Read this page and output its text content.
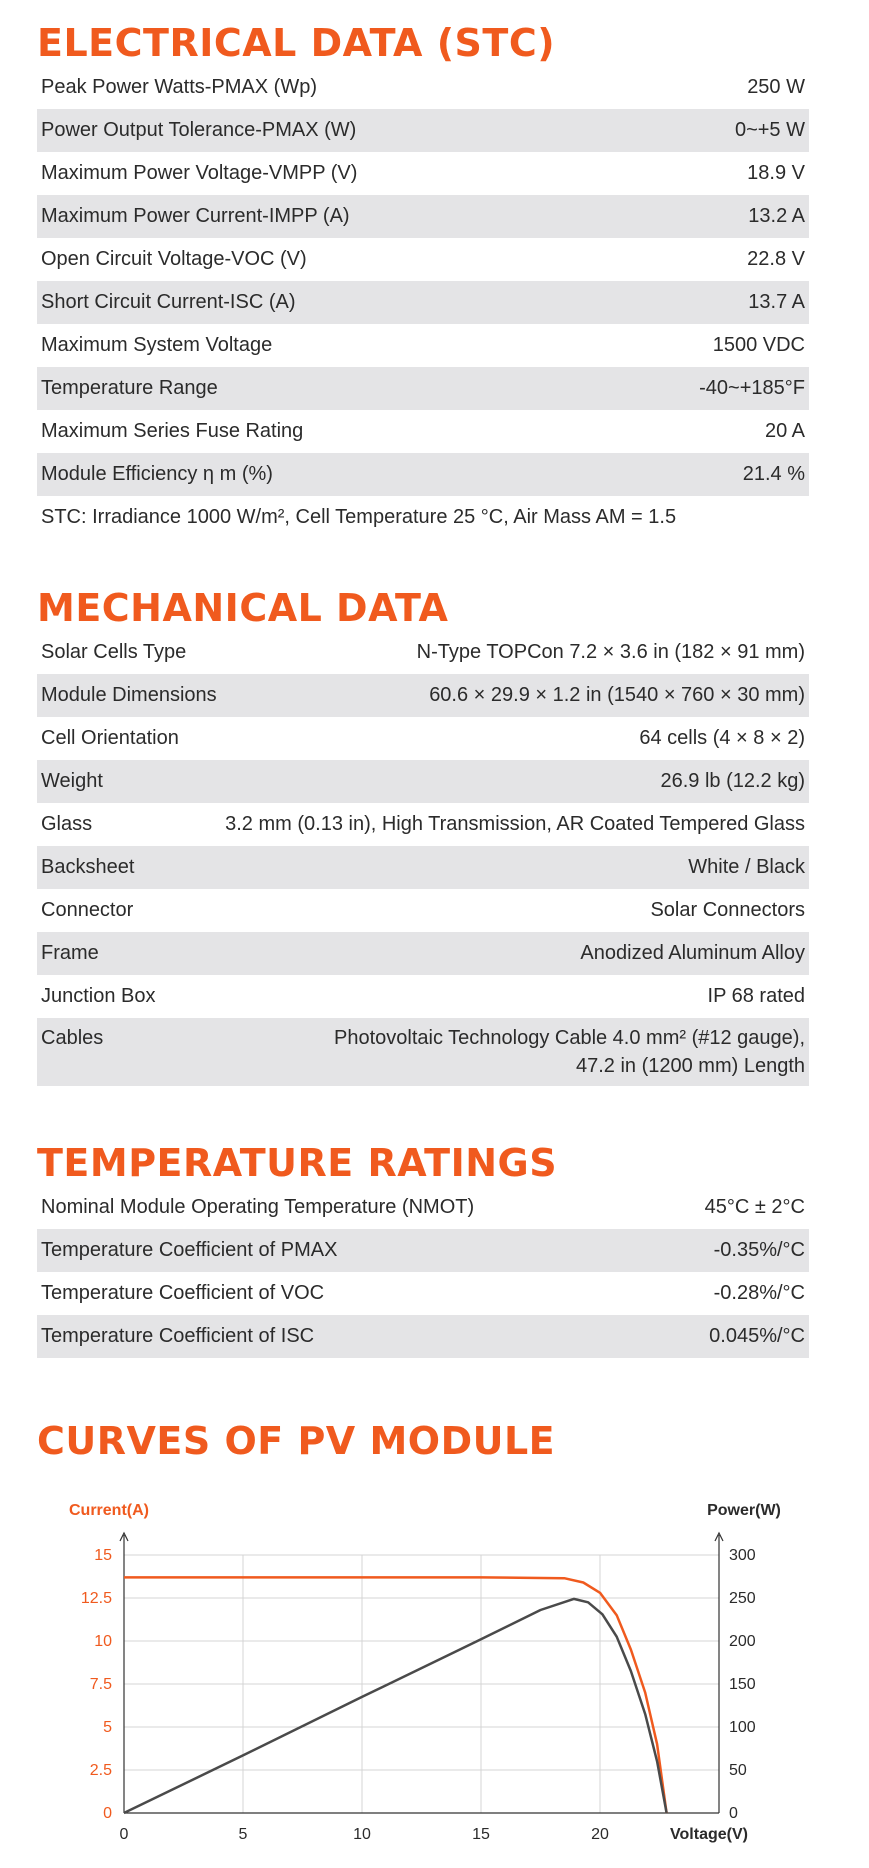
ELECTRICAL DATA (STC)
Peak Power Watts-PMAX (Wp)	250 W
Power Output Tolerance-PMAX (W)	0~+5 W
Maximum Power Voltage-VMPP (V)	18.9 V
Maximum Power Current-IMPP (A)	13.2 A
Open Circuit Voltage-VOC (V)	22.8 V
Short Circuit Current-ISC (A)	13.7 A
Maximum System Voltage	1500 VDC
Temperature Range	-40~+185°F
Maximum Series Fuse Rating	20 A
Module Efficiency η m (%)	21.4 %
STC: Irradiance 1000 W/m², Cell Temperature 25 °C, Air Mass AM = 1.5
MECHANICAL DATA
Solar Cells Type	N-Type TOPCon 7.2 × 3.6 in (182 × 91 mm)
Module Dimensions	60.6 × 29.9 × 1.2 in (1540 × 760 × 30 mm)
Cell Orientation	64 cells (4 × 8 × 2)
Weight	26.9 lb (12.2 kg)
Glass	3.2 mm (0.13 in), High Transmission, AR Coated Tempered Glass
Backsheet	White / Black
Connector	Solar Connectors
Frame	Anodized Aluminum Alloy
Junction Box	IP 68 rated
Cables	Photovoltaic Technology Cable 4.0 mm² (#12 gauge),
47.2 in (1200 mm) Length
TEMPERATURE RATINGS
Nominal Module Operating Temperature (NMOT)	45°C ± 2°C
Temperature Coefficient of PMAX	-0.35%/°C
Temperature Coefficient of VOC	-0.28%/°C
Temperature Coefficient of ISC	0.045%/°C
CURVES OF PV MODULE
Current(A)	Power(W)
Voltage(V)
0
2.5
5
7.5
10
12.5
15
0
50
100
150
200
250
300
0	5	10	15	20
